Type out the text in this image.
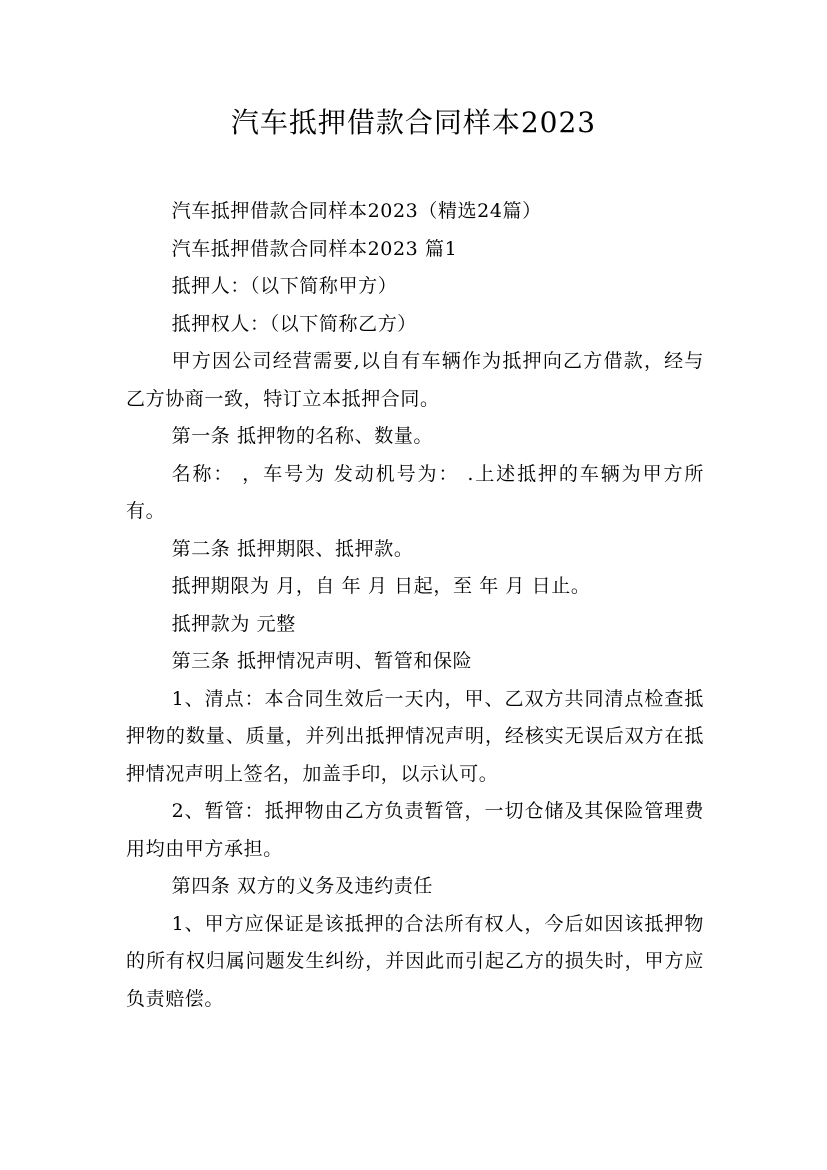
汽车抵押借款合同样本2023

汽车抵押借款合同样本2023（精选24篇）

汽车抵押借款合同样本2023 篇1

抵押人：（以下简称甲方）

抵押权人：（以下简称乙方）

甲方因公司经营需要,以自有车辆作为抵押向乙方借款，经与乙方协商一致，特订立本抵押合同。

第一条 抵押物的名称、数量。

名称： ，车号为 发动机号为： .上述抵押的车辆为甲方所有。

第二条 抵押期限、抵押款。

抵押期限为 月，自 年 月 日起，至 年 月 日止。

抵押款为 元整

第三条 抵押情况声明、暂管和保险

1、清点：本合同生效后一天内，甲、乙双方共同清点检查抵押物的数量、质量，并列出抵押情况声明，经核实无误后双方在抵押情况声明上签名，加盖手印，以示认可。

2、暂管：抵押物由乙方负责暂管，一切仓储及其保险管理费用均由甲方承担。

第四条 双方的义务及违约责任

1、甲方应保证是该抵押的合法所有权人，今后如因该抵押物的所有权归属问题发生纠纷，并因此而引起乙方的损失时，甲方应负责赔偿。
